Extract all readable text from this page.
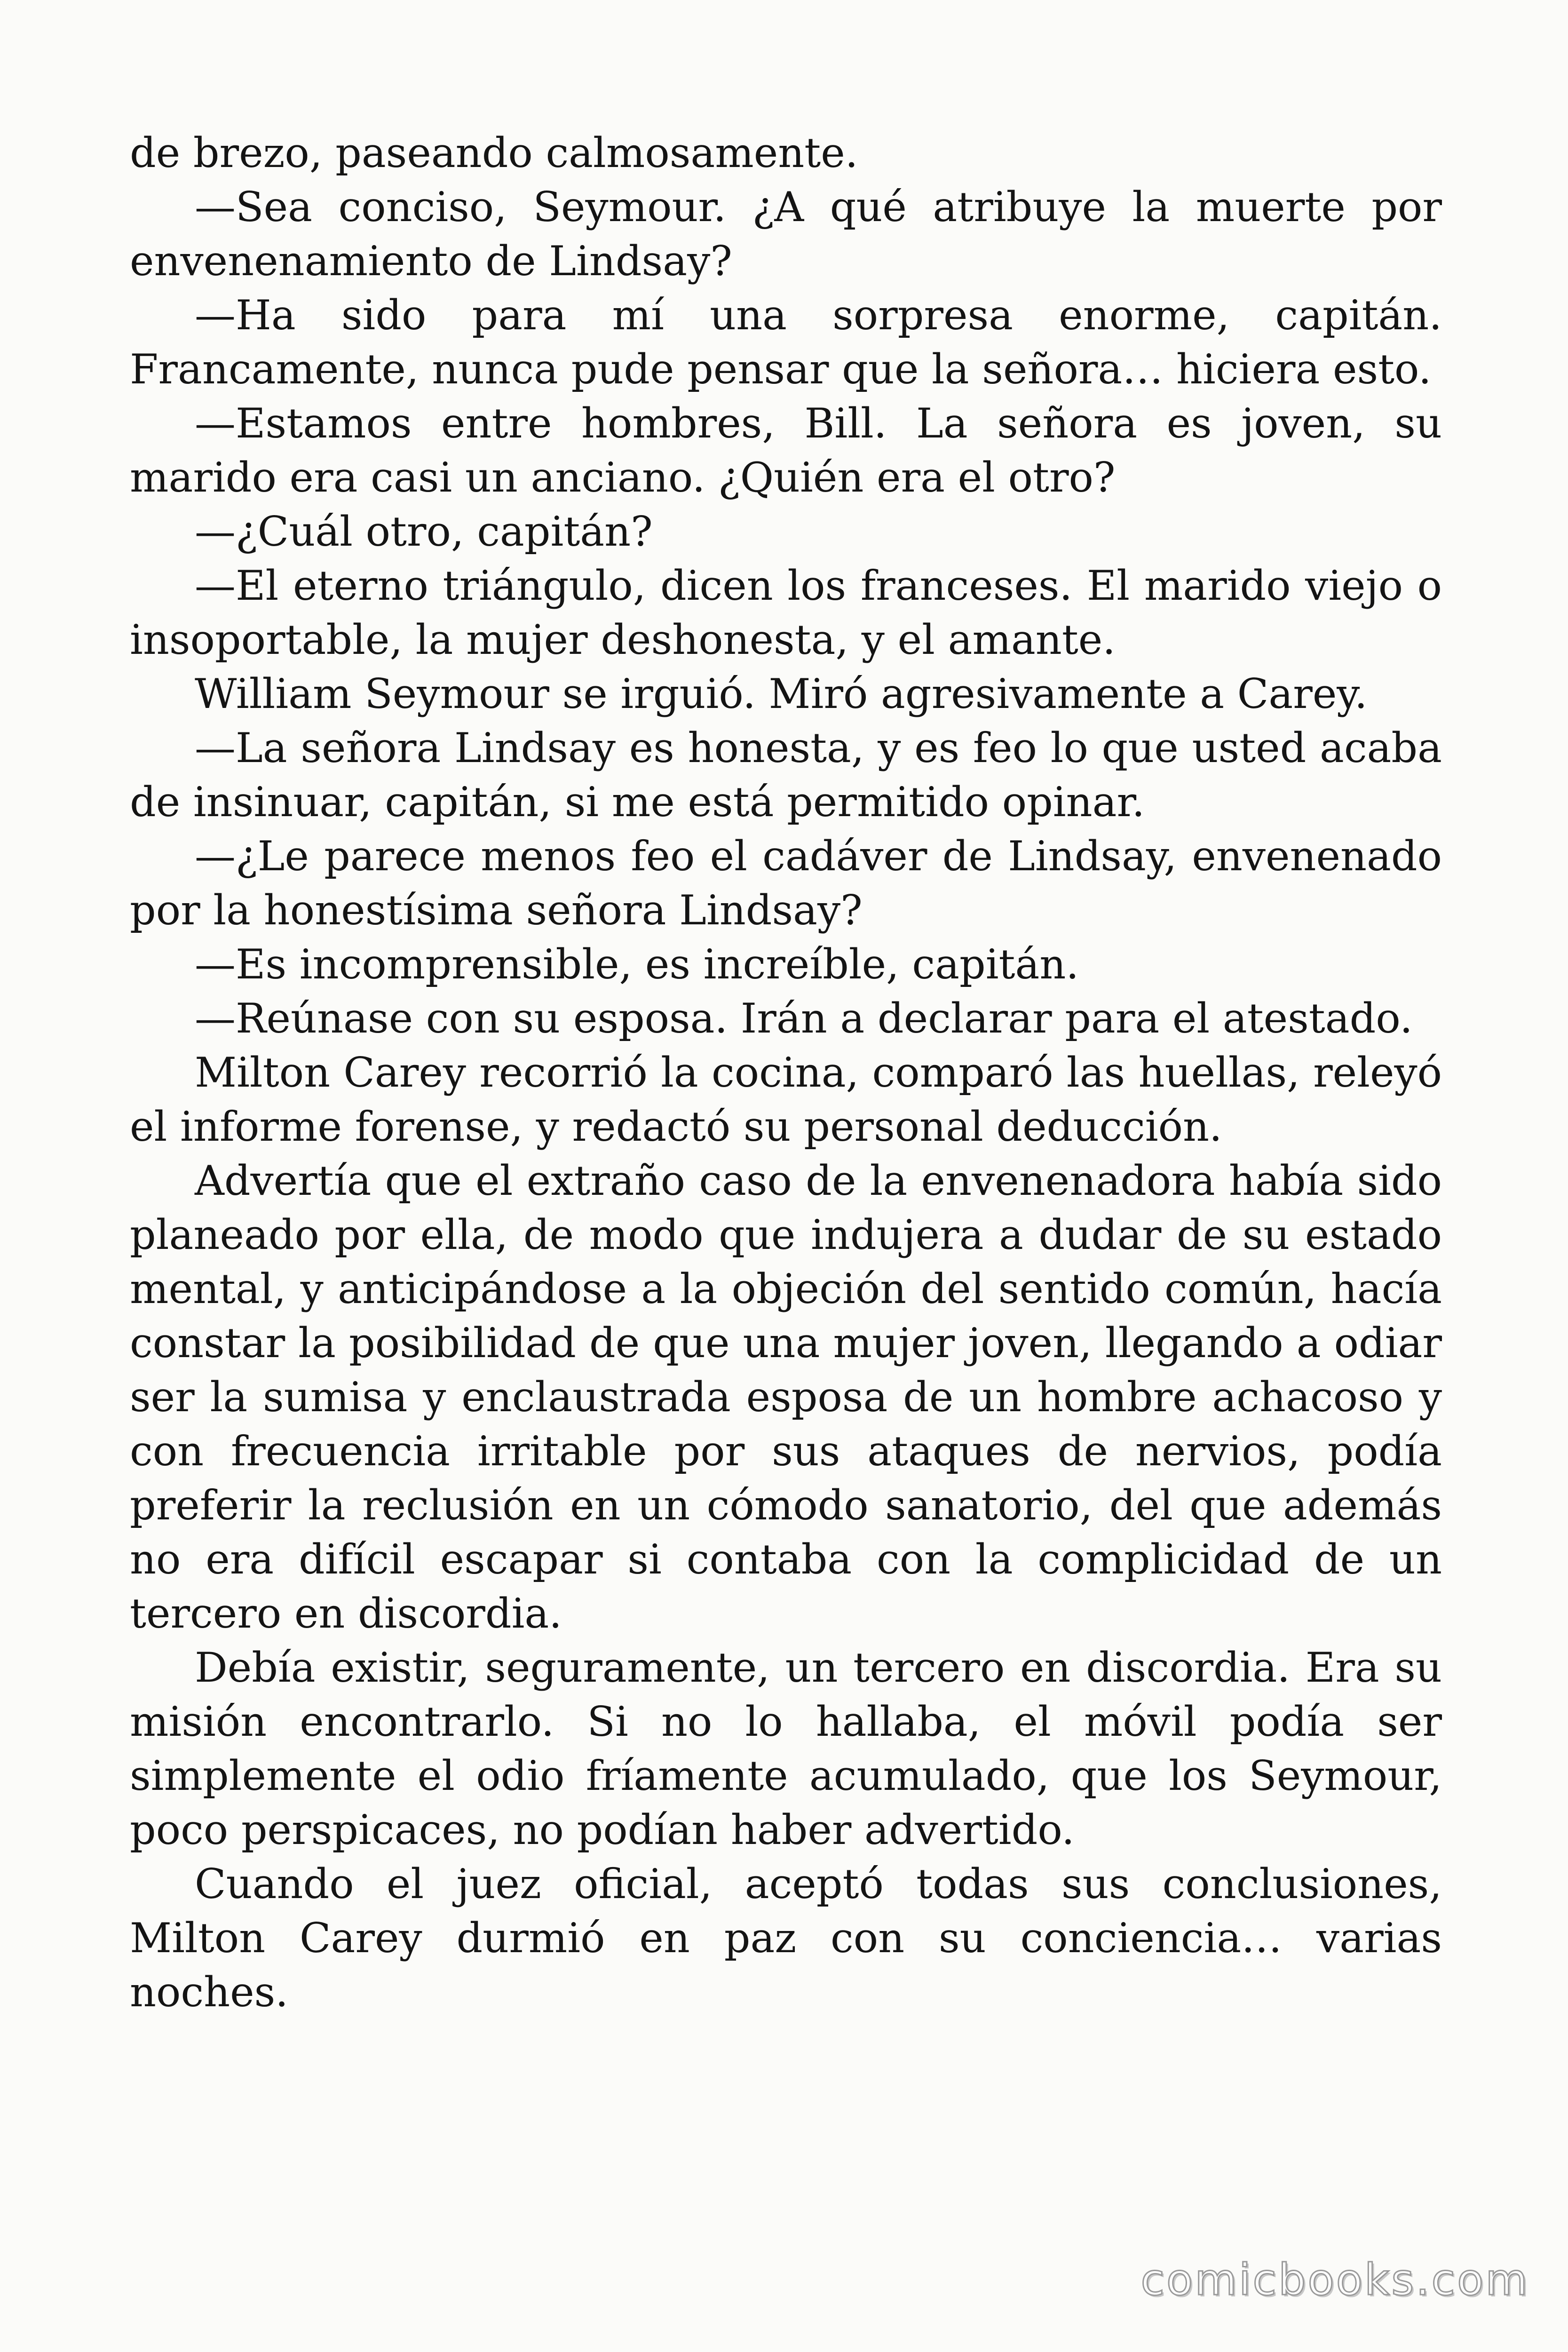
de brezo, paseando calmosamente.

—Sea conciso, Seymour. ¿A qué atribuye la muerte por envenenamiento de Lindsay?

—Ha sido para mí una sorpresa enorme, capitán. Francamente, nunca pude pensar que la señora… hiciera esto.

—Estamos entre hombres, Bill. La señora es joven, su marido era casi un anciano. ¿Quién era el otro?

—¿Cuál otro, capitán?

—El eterno triángulo, dicen los franceses. El marido viejo o insoportable, la mujer deshonesta, y el amante.

William Seymour se irguió. Miró agresivamente a Carey.

—La señora Lindsay es honesta, y es feo lo que usted acaba de insinuar, capitán, si me está permitido opinar.

—¿Le parece menos feo el cadáver de Lindsay, envenenado por la honestísima señora Lindsay?

—Es incomprensible, es increíble, capitán.

—Reúnase con su esposa. Irán a declarar para el atestado.

Milton Carey recorrió la cocina, comparó las huellas, releyó el informe forense, y redactó su personal deducción.

Advertía que el extraño caso de la envenenadora había sido planeado por ella, de modo que indujera a dudar de su estado mental, y anticipándose a la objeción del sentido común, hacía constar la posibilidad de que una mujer joven, llegando a odiar ser la sumisa y enclaustrada esposa de un hombre achacoso y con frecuencia irritable por sus ataques de nervios, podía preferir la reclusión en un cómodo sanatorio, del que además no era difícil escapar si contaba con la complicidad de un tercero en discordia.

Debía existir, seguramente, un tercero en discordia. Era su misión encontrarlo. Si no lo hallaba, el móvil podía ser simplemente el odio fríamente acumulado, que los Seymour, poco perspicaces, no podían haber advertido.

Cuando el juez oficial, aceptó todas sus conclusiones, Milton Carey durmió en paz con su conciencia… varias noches.

comicbooks.com
